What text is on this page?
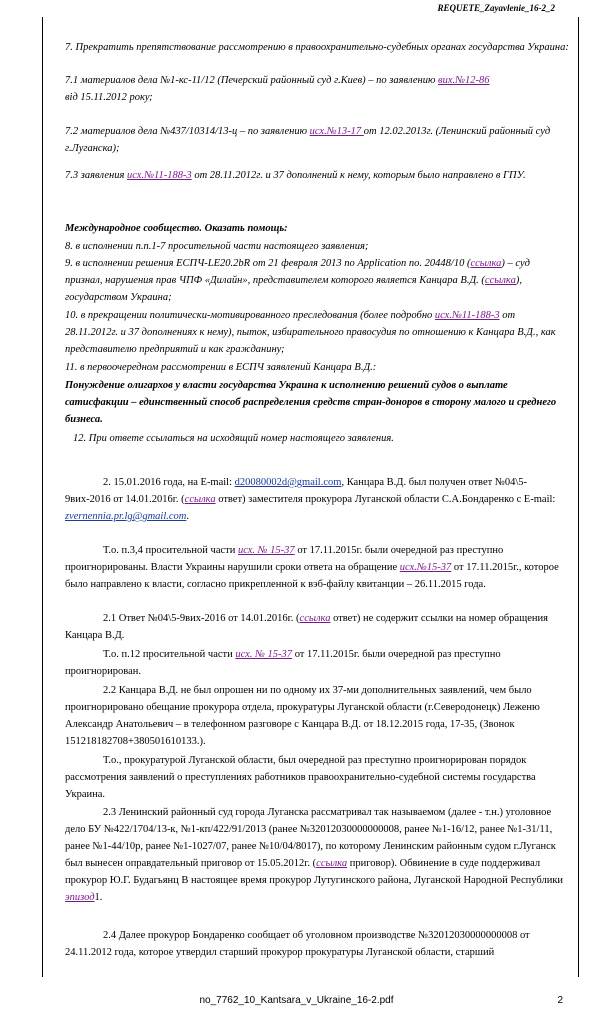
REQUETE_Zayavlenie_16-2_2

7. Прекратить препятствование рассмотрению в правоохранительно-судебных органах государства Украина:

7.1 материалов дела №1-кс-11/12 (Печерский районный суд г.Киев) – по заявлению вих.№12-86
від 15.11.2012 року;

7.2 материалов дела №437/10314/13-ц – по заявлению исх.№13-17 от 12.02.2013г. (Ленинский районный суд г.Луганска);

7.3 заявления исх.№11-188-3 от 28.11.2012г. и 37 дополнений к нему, которым было направлено в ГПУ.

Международное сообщество. Оказать помощь:

8. в исполнении п.п.1-7 просительной части настоящего заявления;

9. в исполнении решения ЕСПЧ-LE20.2bR от 21 февраля 2013 по Application no. 20448/10 (ссылка) – суд признал, нарушения прав ЧПФ «Дилайн», представителем которого является Канцара В.Д. (ссылка), государством Украина;

10. в прекращении политически-мотивированного преследования (более подробно исх.№11-188-3 от 28.11.2012г. и 37 дополнениях к нему), пыток, избирательного правосудия по отношению к Канцара В.Д., как представителю предприятий и как гражданину;

11. в первоочередном рассмотрении в ЕСПЧ заявлений Канцара В.Д.:

Понуждение олигархов у власти государства Украина к исполнению решений судов о выплате сатисфакции – единственный способ распределения средств стран-доноров в сторону малого и среднего бизнеса.

12. При ответе ссылаться на исходящий номер настоящего заявления.

2. 15.01.2016 года, на E-mail: d20080002d@gmail.com, Канцара В.Д. был получен ответ №04\5-9вих-2016 от 14.01.2016г. (ссылка ответ) заместителя прокурора Луганской области С.А.Бондаренко с E-mail: zvernennia.pr.lg@gmail.com.

Т.о. п.3,4 просительной части исх. № 15-37 от 17.11.2015г. были очередной раз преступно проигнорированы. Власти Украины нарушили сроки ответа на обращение исх.№15-37 от 17.11.2015г., которое было направлено к власти, согласно прикрепленной к вэб-файлу квитанции – 26.11.2015 года.

2.1 Ответ №04\5-9вих-2016 от 14.01.2016г. (ссылка ответ) не содержит ссылки на номер обращения Канцара В.Д.

Т.о. п.12 просительной части исх. № 15-37 от 17.11.2015г. были очередной раз преступно проигнорирован.

2.2 Канцара В.Д. не был опрошен ни по одному их 37-ми дополнительных заявлений, чем было проигнорировано обещание прокурора отдела, прокуратуры Луганской области (г.Северодонецк) Леженю Александр Анатольевич – в телефонном разговоре с Канцара В.Д. от 18.12.2015 года, 17-35, (Звонок 151218182708+380501610133.).

Т.о., прокуратурой Луганской области, был очередной раз преступно проигнорирован порядок рассмотрения заявлений о преступлениях работников правоохранительно-судебной системы государства Украина.

2.3 Ленинский районный суд города Луганска рассматривал так называемом (далее - т.н.) уголовное дело БУ №422/1704/13-к, №1-кп/422/91/2013 (ранее №32012030000000008, ранее №1-16/12, ранее №1-31/11, ранее №1-44/10р, ранее №1-1027/07, ранее №10/04/8017), по которому Ленинским районным судом г.Луганск был вынесен оправдательный приговор от 15.05.2012г. (ссылка приговор). Обвинение в суде поддерживал прокурор Ю.Г. Будагьянц В настоящее время прокурор Лутугинского района, Луганской Народной Республики эпизод1.

2.4 Далее прокурор Бондаренко сообщает об уголовном производстве №32012030000000008 от 24.11.2012 года, которое утвердил старший прокурор прокуратуры Луганской области, старший

no_7762_10_Kantsara_v_Ukraine_16-2.pdf	2
